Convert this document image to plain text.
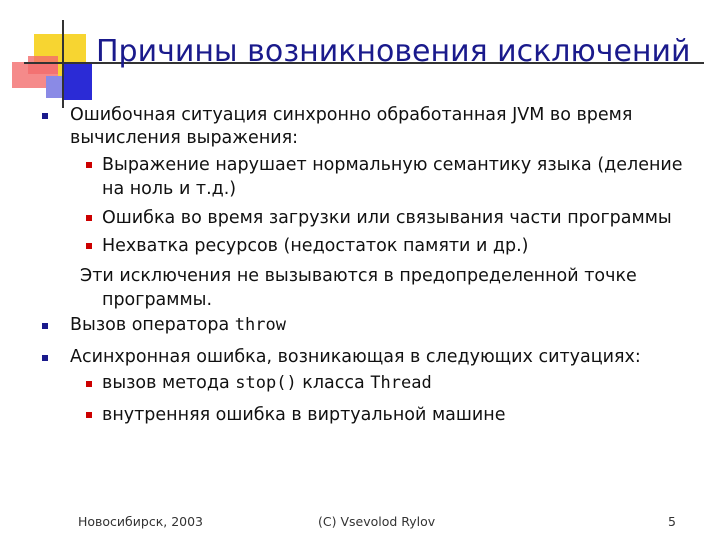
Причины возникновения исключений
Ошибочная ситуация синхронно обработанная JVM во время
вычисления выражения:
Выражение нарушает нормальную семантику языка (деление
на ноль и т.д.)
Ошибка во время загрузки или связывания части программы
Нехватка ресурсов (недостаток памяти и др.)
Эти исключения не вызываются в предопределенной точке
программы.
Вызов оператора throw
Асинхронная ошибка, возникающая в следующих ситуациях:
вызов метода stop() класса Thread
внутренняя ошибка в виртуальной машине
Новосибирск, 2003	(C) Vsevolod Rylov	5
